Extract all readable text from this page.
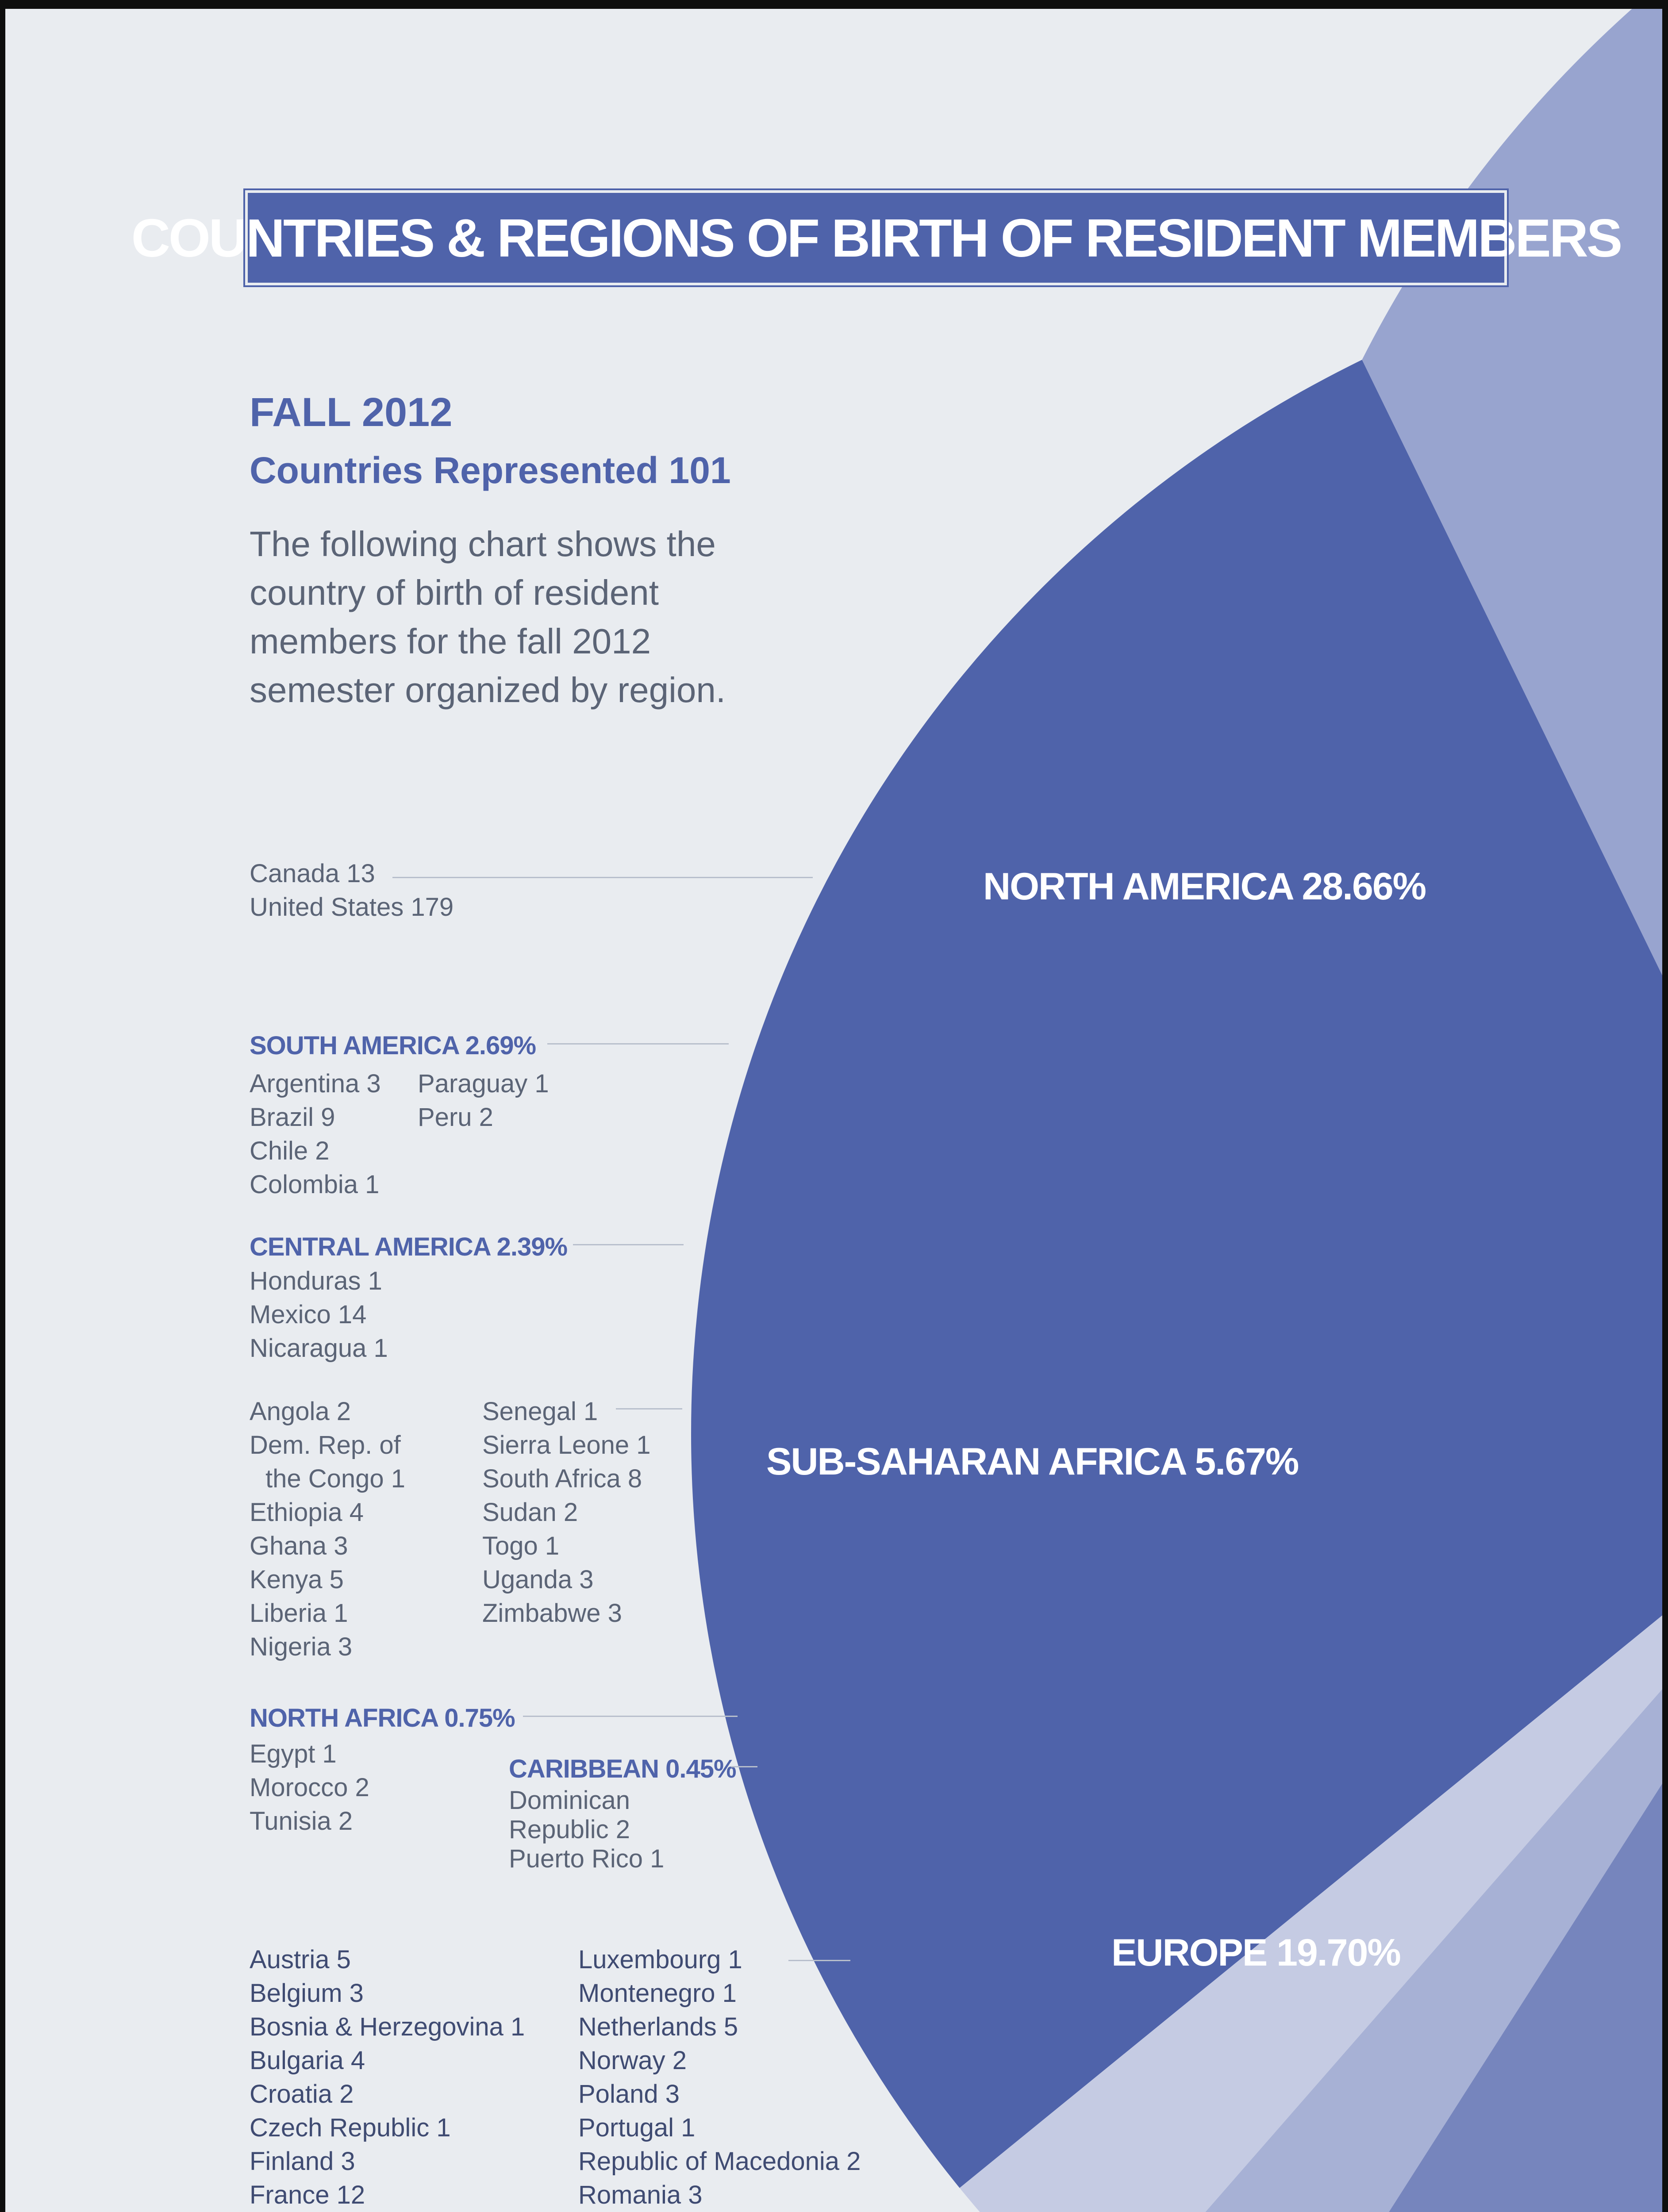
COUNTRIES & REGIONS OF BIRTH OF RESIDENT MEMBERS
FALL 2012
Countries Represented 101
The following chart shows the country of birth of resident members for the fall 2012 semester organized by region.
Canada 13
United States 179
SOUTH AMERICA 2.69%
Argentina 3
Brazil 9
Chile 2
Colombia 1
Paraguay 1
Peru 2
CENTRAL AMERICA 2.39%
Honduras 1
Mexico 14
Nicaragua 1
Angola 2
Dem. Rep. of
the Congo 1
Ethiopia 4
Ghana 3
Kenya 5
Liberia 1
Nigeria 3
Senegal 1
Sierra Leone 1
South Africa 8
Sudan 2
Togo 1
Uganda 3
Zimbabwe 3
NORTH AFRICA 0.75%
Egypt 1
Morocco 2
Tunisia 2
CARIBBEAN 0.45%
Dominican
Republic 2
Puerto Rico 1
Austria 5
Belgium 3
Bosnia & Herzegovina 1
Bulgaria 4
Croatia 2
Czech Republic 1
Finland 3
France 12
Luxembourg 1
Montenegro 1
Netherlands 5
Norway 2
Poland 3
Portugal 1
Republic of Macedonia 2
Romania 3
NORTH AMERICA 28.66%
SUB-SAHARAN AFRICA 5.67%
EUROPE 19.70%
